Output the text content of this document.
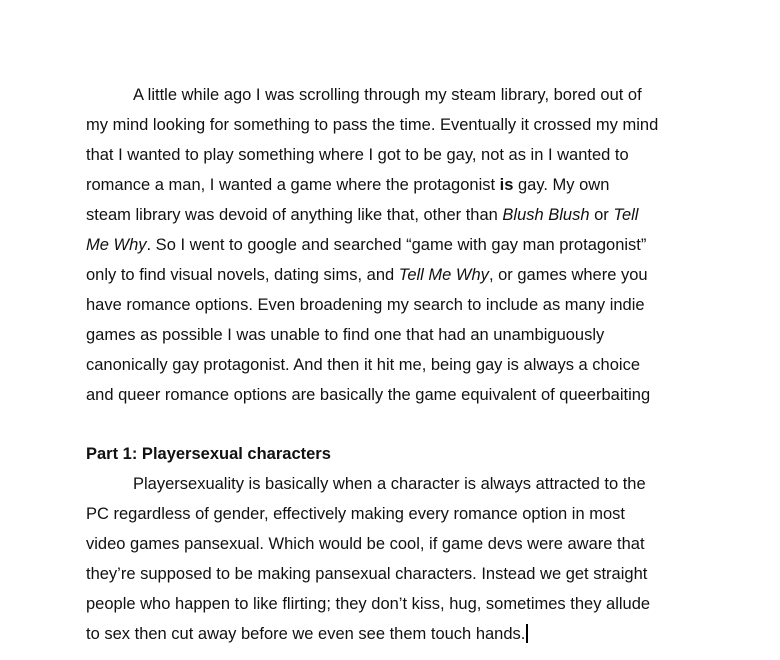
A little while ago I was scrolling through my steam library, bored out of
my mind looking for something to pass the time. Eventually it crossed my mind
that I wanted to play something where I got to be gay, not as in I wanted to
romance a man, I wanted a game where the protagonist is gay. My own
steam library was devoid of anything like that, other than Blush Blush or Tell
Me Why. So I went to google and searched “game with gay man protagonist”
only to find visual novels, dating sims, and Tell Me Why, or games where you
have romance options. Even broadening my search to include as many indie
games as possible I was unable to find one that had an unambiguously
canonically gay protagonist. And then it hit me, being gay is always a choice
and queer romance options are basically the game equivalent of queerbaiting

Part 1: Playersexual characters

Playersexuality is basically when a character is always attracted to the
PC regardless of gender, effectively making every romance option in most
video games pansexual. Which would be cool, if game devs were aware that
they’re supposed to be making pansexual characters. Instead we get straight
people who happen to like flirting; they don’t kiss, hug, sometimes they allude
to sex then cut away before we even see them touch hands.
